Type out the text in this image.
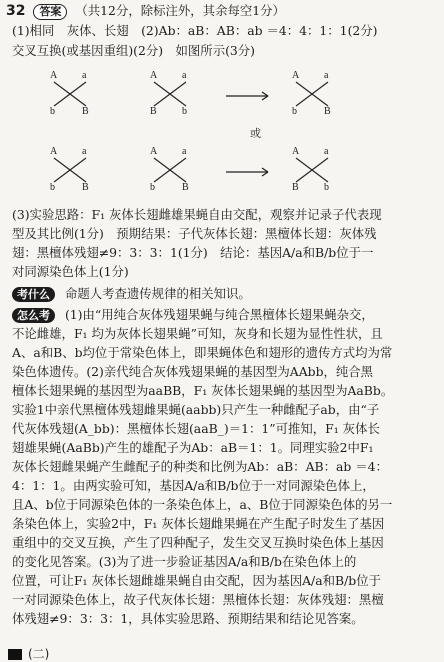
32 答案 （共12分，除标注外，其余每空1分）
(1)相同　灰体、长翅　(2)Ab：aB：AB：ab ＝4：4：1：1(2分)
交叉互换(或基因重组)(2分)　如图所示(3分)
A a
b	B
A a
B	b
A a
b	B
或
A a
b	B
A a
b	B
A a
B	b
(3)实验思路：F₁ 灰体长翅雌雄果蝇自由交配，观察并记录子代表现
型及其比例(1分)　预期结果：子代灰体长翅：黑檀体长翅：灰体残
翅：黑檀体残翅≠9：3：3：1(1分)　结论：基因A/a和B/b位于一
对同源染色体上(1分)
考什么 命题人考查遗传规律的相关知识。
怎么考 (1)由“用纯合灰体残翅果蝇与纯合黑檀体长翅果蝇杂交，
不论雌雄，F₁ 均为灰体长翅果蝇”可知，灰身和长翅为显性性状，且
A、a和B、b均位于常染色体上，即果蝇体色和翅形的遗传方式均为常
染色体遗传。(2)亲代纯合灰体残翅果蝇的基因型为AAbb，纯合黑
檀体长翅果蝇的基因型为aaBB，F₁ 灰体长翅果蝇的基因型为AaBb。
实验1中亲代黑檀体残翅雌果蝇(aabb)只产生一种雌配子ab，由“子
代灰体残翅(A_bb)：黑檀体长翅(aaB_)＝1：1”可推知，F₁ 灰体长
翅雄果蝇(AaBb)产生的雄配子为Ab：aB＝1：1。同理实验2中F₁
灰体长翅雌果蝇产生雌配子的种类和比例为Ab：aB：AB：ab ＝4：
4：1：1。由两实验可知，基因A/a和B/b位于一对同源染色体上，
且A、b位于同源染色体的一条染色体上，a、B位于同源染色体的另一
条染色体上，实验2中，F₁ 灰体长翅雌果蝇在产生配子时发生了基因
重组中的交叉互换，产生了四种配子，发生交叉互换时染色体上基因
的变化见答案。(3)为了进一步验证基因A/a和B/b在染色体上的
位置，可让F₁ 灰体长翅雌雄果蝇自由交配，因为基因A/a和B/b位于
一对同源染色体上，故子代灰体长翅：黑檀体长翅：灰体残翅：黑檀
体残翅≠9：3：3：1，具体实验思路、预期结果和结论见答案。
(二)
